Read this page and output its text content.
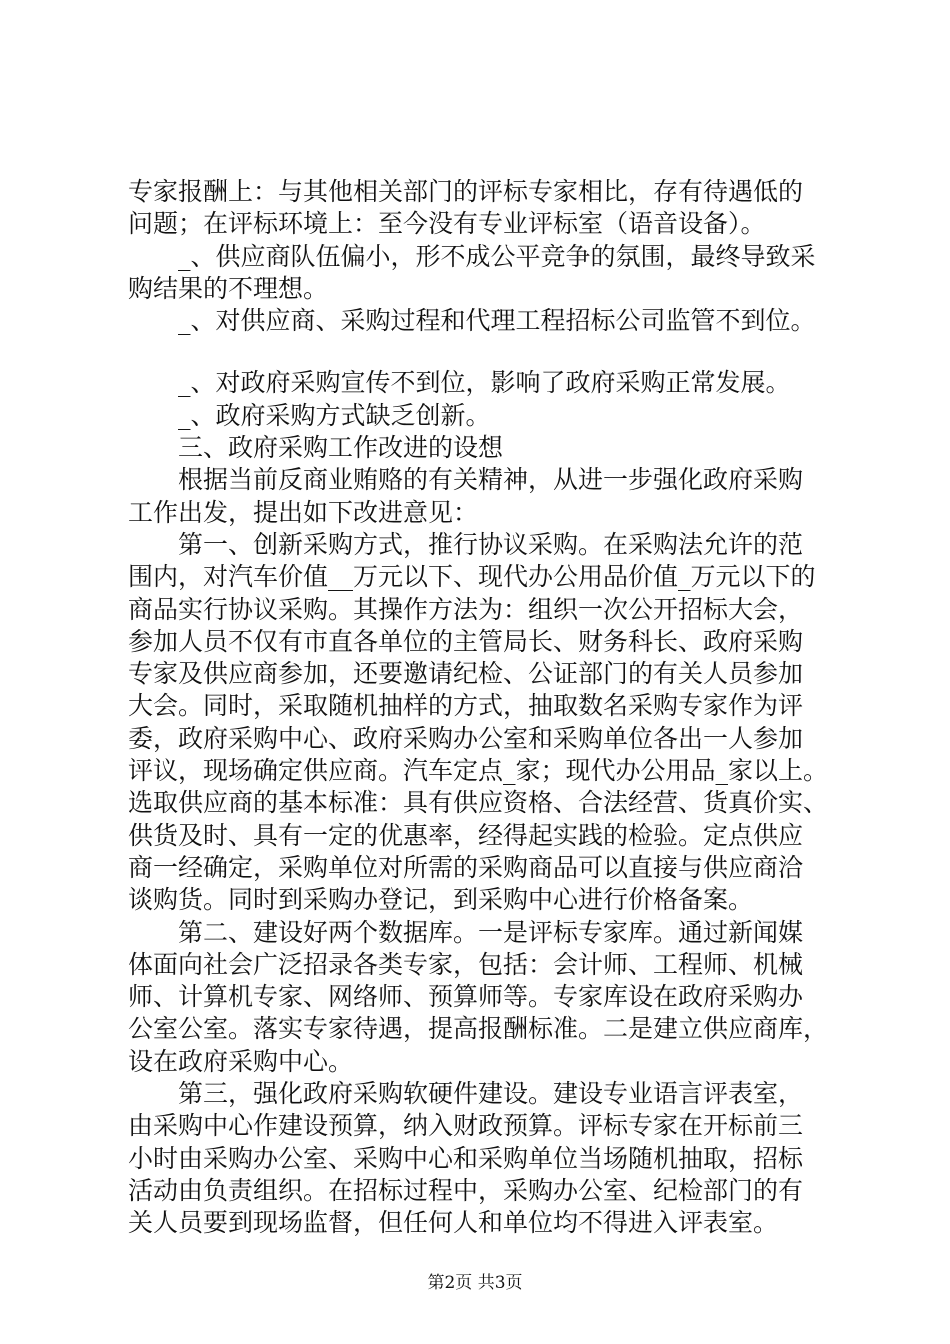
专家报酬上：与其他相关部门的评标专家相比，存有待遇低的
问题；在评标环境上：至今没有专业评标室（语音设备）。
　　_、供应商队伍偏小，形不成公平竞争的氛围，最终导致采
购结果的不理想。
　　_、对供应商、采购过程和代理工程招标公司监管不到位。
　　_、对政府采购宣传不到位，影响了政府采购正常发展。
　　_、政府采购方式缺乏创新。
　　三、政府采购工作改进的设想
　　根据当前反商业贿赂的有关精神，从进一步强化政府采购
工作出发，提出如下改进意见：
　　第一、创新采购方式，推行协议采购。在采购法允许的范
围内，对汽车价值__万元以下、现代办公用品价值_万元以下的
商品实行协议采购。其操作方法为：组织一次公开招标大会，
参加人员不仅有市直各单位的主管局长、财务科长、政府采购
专家及供应商参加，还要邀请纪检、公证部门的有关人员参加
大会。同时，采取随机抽样的方式，抽取数名采购专家作为评
委，政府采购中心、政府采购办公室和采购单位各出一人参加
评议，现场确定供应商。汽车定点_家；现代办公用品_家以上。
选取供应商的基本标准：具有供应资格、合法经营、货真价实、
供货及时、具有一定的优惠率，经得起实践的检验。定点供应
商一经确定，采购单位对所需的采购商品可以直接与供应商洽
谈购货。同时到采购办登记，到采购中心进行价格备案。
　　第二、建设好两个数据库。一是评标专家库。通过新闻媒
体面向社会广泛招录各类专家，包括：会计师、工程师、机械
师、计算机专家、网络师、预算师等。专家库设在政府采购办
公室公室。落实专家待遇，提高报酬标准。二是建立供应商库，
设在政府采购中心。
　　第三，强化政府采购软硬件建设。建设专业语言评表室，
由采购中心作建设预算，纳入财政预算。评标专家在开标前三
小时由采购办公室、采购中心和采购单位当场随机抽取，招标
活动由负责组织。在招标过程中，采购办公室、纪检部门的有
关人员要到现场监督，但任何人和单位均不得进入评表室。
第2页 共3页
